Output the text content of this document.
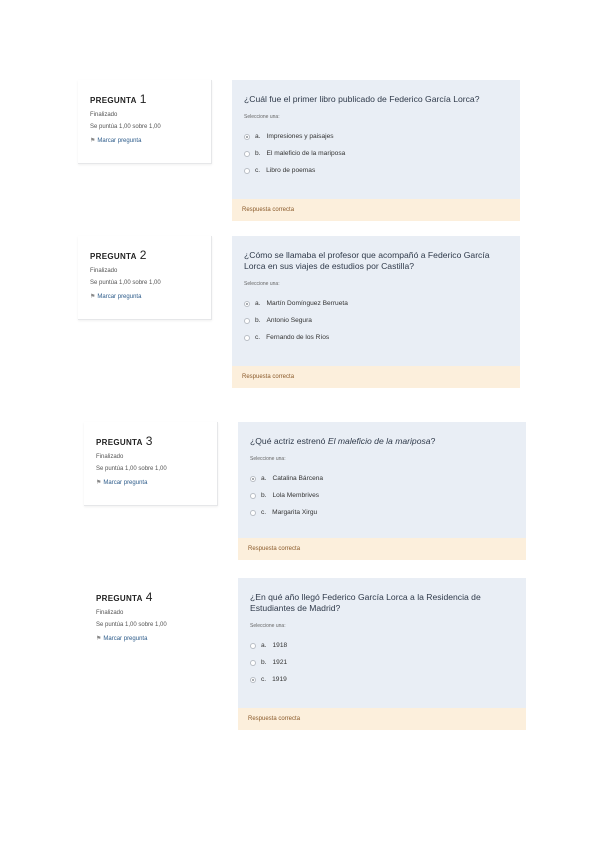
PREGUNTA 1
Finalizado
Se puntúa 1,00 sobre 1,00
⚑ Marcar pregunta
¿Cuál fue el primer libro publicado de Federico García Lorca?
Seleccione una:
a. Impresiones y paisajes
b. El maleficio de la mariposa
c. Libro de poemas
Respuesta correcta
PREGUNTA 2
Finalizado
Se puntúa 1,00 sobre 1,00
⚑ Marcar pregunta
¿Cómo se llamaba el profesor que acompañó a Federico García Lorca en sus viajes de estudios por Castilla?
Seleccione una:
a. Martín Domínguez Berrueta
b. Antonio Segura
c. Fernando de los Ríos
Respuesta correcta
PREGUNTA 3
Finalizado
Se puntúa 1,00 sobre 1,00
⚑ Marcar pregunta
¿Qué actriz estrenó El maleficio de la mariposa?
Seleccione una:
a. Catalina Bárcena
b. Lola Membrives
c. Margarita Xirgu
Respuesta correcta
PREGUNTA 4
Finalizado
Se puntúa 1,00 sobre 1,00
⚑ Marcar pregunta
¿En qué año llegó Federico García Lorca a la Residencia de Estudiantes de Madrid?
Seleccione una:
a. 1918
b. 1921
c. 1919
Respuesta correcta
